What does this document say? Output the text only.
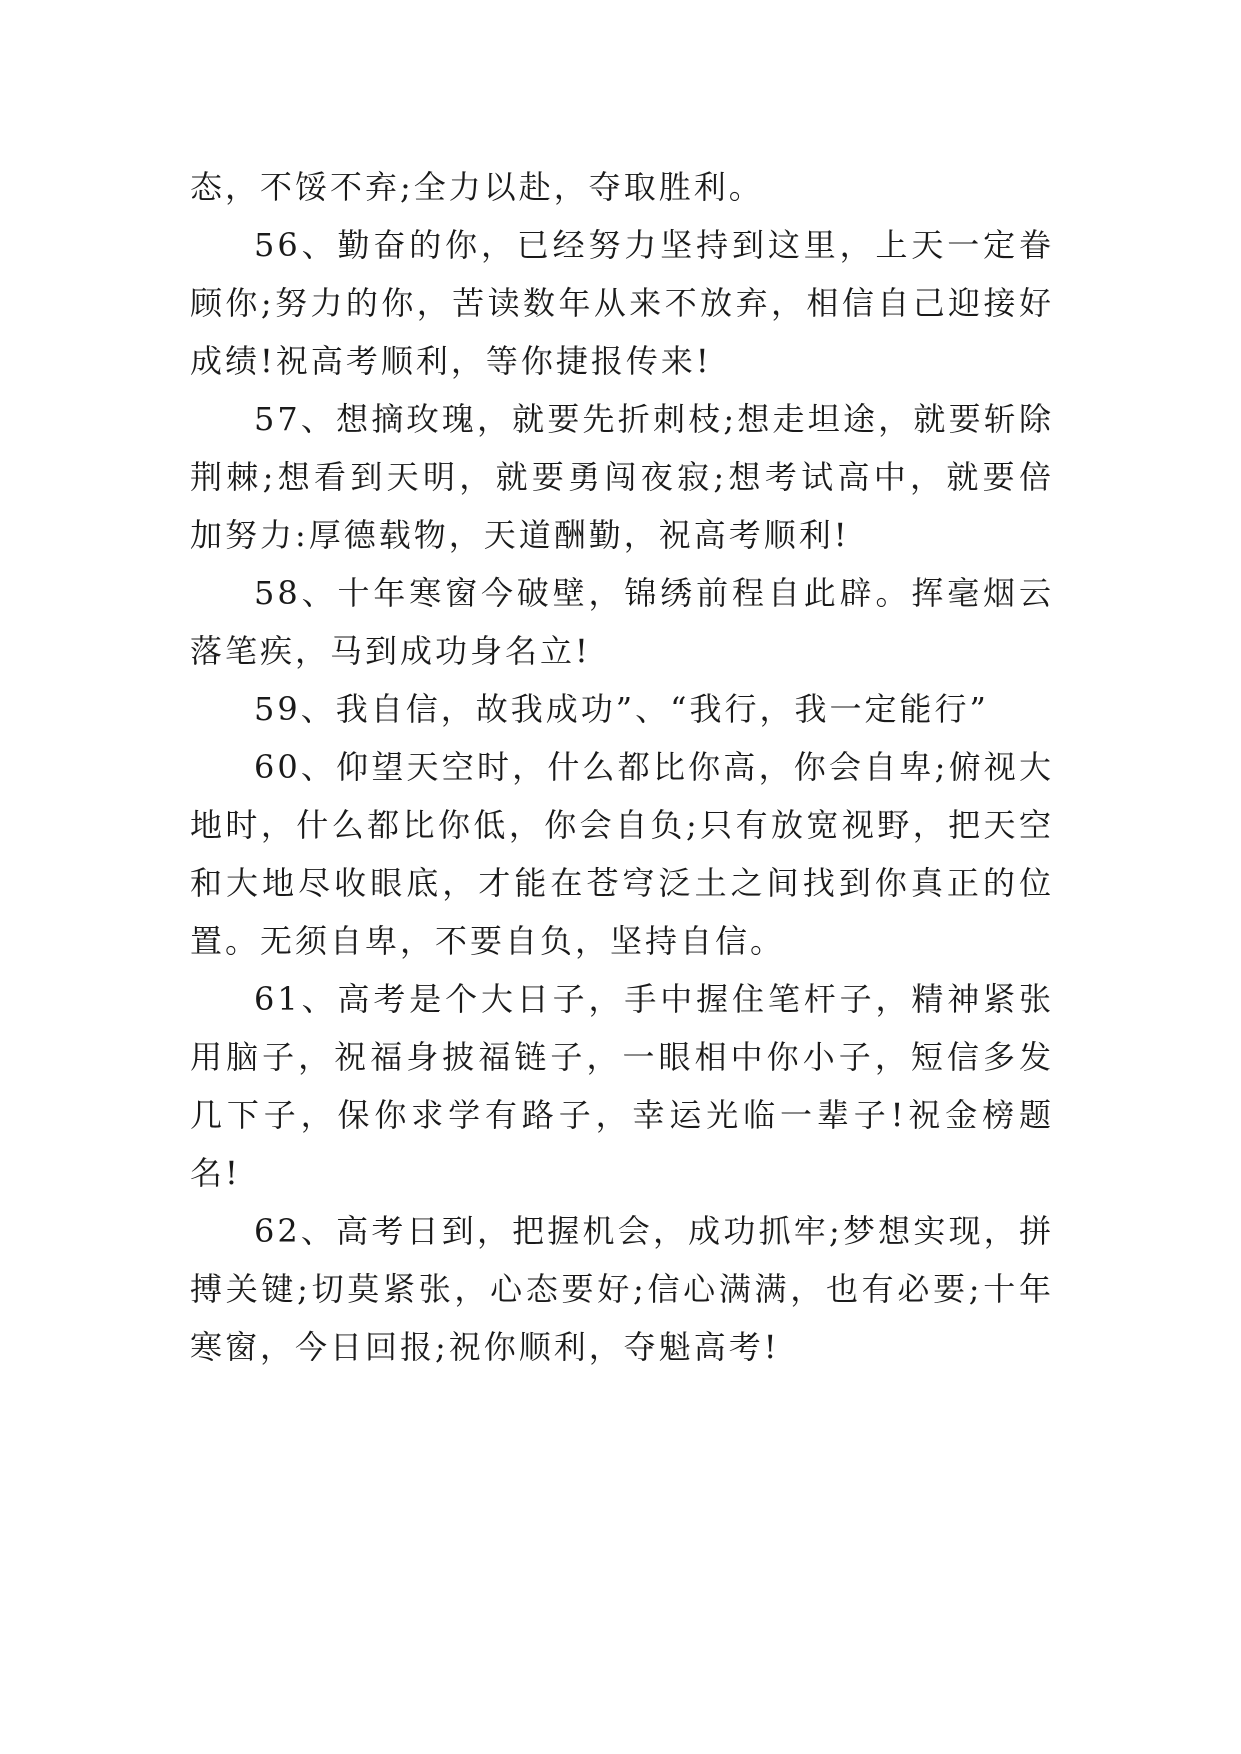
态，不馁不弃;全力以赴，夺取胜利。

56、勤奋的你，已经努力坚持到这里，上天一定眷顾你;努力的你，苦读数年从来不放弃，相信自己迎接好成绩!祝高考顺利，等你捷报传来!

57、想摘玫瑰，就要先折刺枝;想走坦途，就要斩除荆棘;想看到天明，就要勇闯夜寂;想考试高中，就要倍加努力:厚德载物，天道酬勤，祝高考顺利!

58、十年寒窗今破壁，锦绣前程自此辟。挥毫烟云落笔疾，马到成功身名立!

59、我自信，故我成功”、“我行，我一定能行”

60、仰望天空时，什么都比你高，你会自卑;俯视大地时，什么都比你低，你会自负;只有放宽视野，把天空和大地尽收眼底，才能在苍穹泛土之间找到你真正的位置。无须自卑，不要自负，坚持自信。

61、高考是个大日子，手中握住笔杆子，精神紧张用脑子，祝福身披福链子，一眼相中你小子，短信多发几下子，保你求学有路子，幸运光临一辈子!祝金榜题名!

62、高考日到，把握机会，成功抓牢;梦想实现，拼搏关键;切莫紧张，心态要好;信心满满，也有必要;十年寒窗，今日回报;祝你顺利，夺魁高考!
